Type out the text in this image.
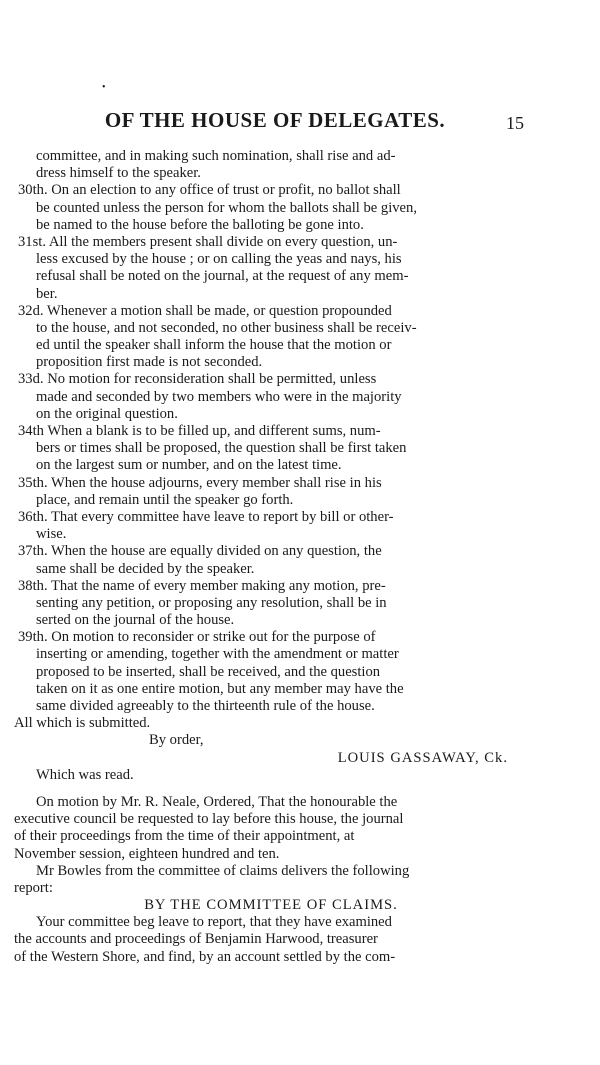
•
OF THE HOUSE OF DELEGATES.	15
committee, and in making such nomination, shall rise and ad-
dress himself to the speaker.
30th. On an election to any office of trust or profit, no ballot shall
be counted unless the person for whom the ballots shall be given,
be named to the house before the balloting be gone into.
31st. All the members present shall divide on every question, un-
less excused by the house ; or on calling the yeas and nays, his
refusal shall be noted on the journal, at the request of any mem-
ber.
32d. Whenever a motion shall be made, or question propounded
to the house, and not seconded, no other business shall be receiv-
ed until the speaker shall inform the house that the motion or
proposition first made is not seconded.
33d. No motion for reconsideration shall be permitted, unless
made and seconded by two members who were in the majority
on the original question.
34th When a blank is to be filled up, and different sums, num-
bers or times shall be proposed, the question shall be first taken
on the largest sum or number, and on the latest time.
35th. When the house adjourns, every member shall rise in his
place, and remain until the speaker go forth.
36th. That every committee have leave to report by bill or other-
wise.
37th. When the house are equally divided on any question, the
same shall be decided by the speaker.
38th. That the name of every member making any motion, pre-
senting any petition, or proposing any resolution, shall be in
serted on the journal of the house.
39th. On motion to reconsider or strike out for the purpose of
inserting or amending, together with the amendment or matter
proposed to be inserted, shall be received, and the question
taken on it as one entire motion, but any member may have the
same divided agreeably to the thirteenth rule of the house.
All which is submitted.
By order,
LOUIS GASSAWAY, Ck.
Which was read.
On motion by Mr. R. Neale, Ordered, That the honourable the
executive council be requested to lay before this house, the journal
of their proceedings from the time of their appointment, at
November session, eighteen hundred and ten.
Mr Bowles from the committee of claims delivers the following
report:
BY THE COMMITTEE OF CLAIMS.
Your committee beg leave to report, that they have examined
the accounts and proceedings of Benjamin Harwood, treasurer
of the Western Shore, and find, by an account settled by the com-
